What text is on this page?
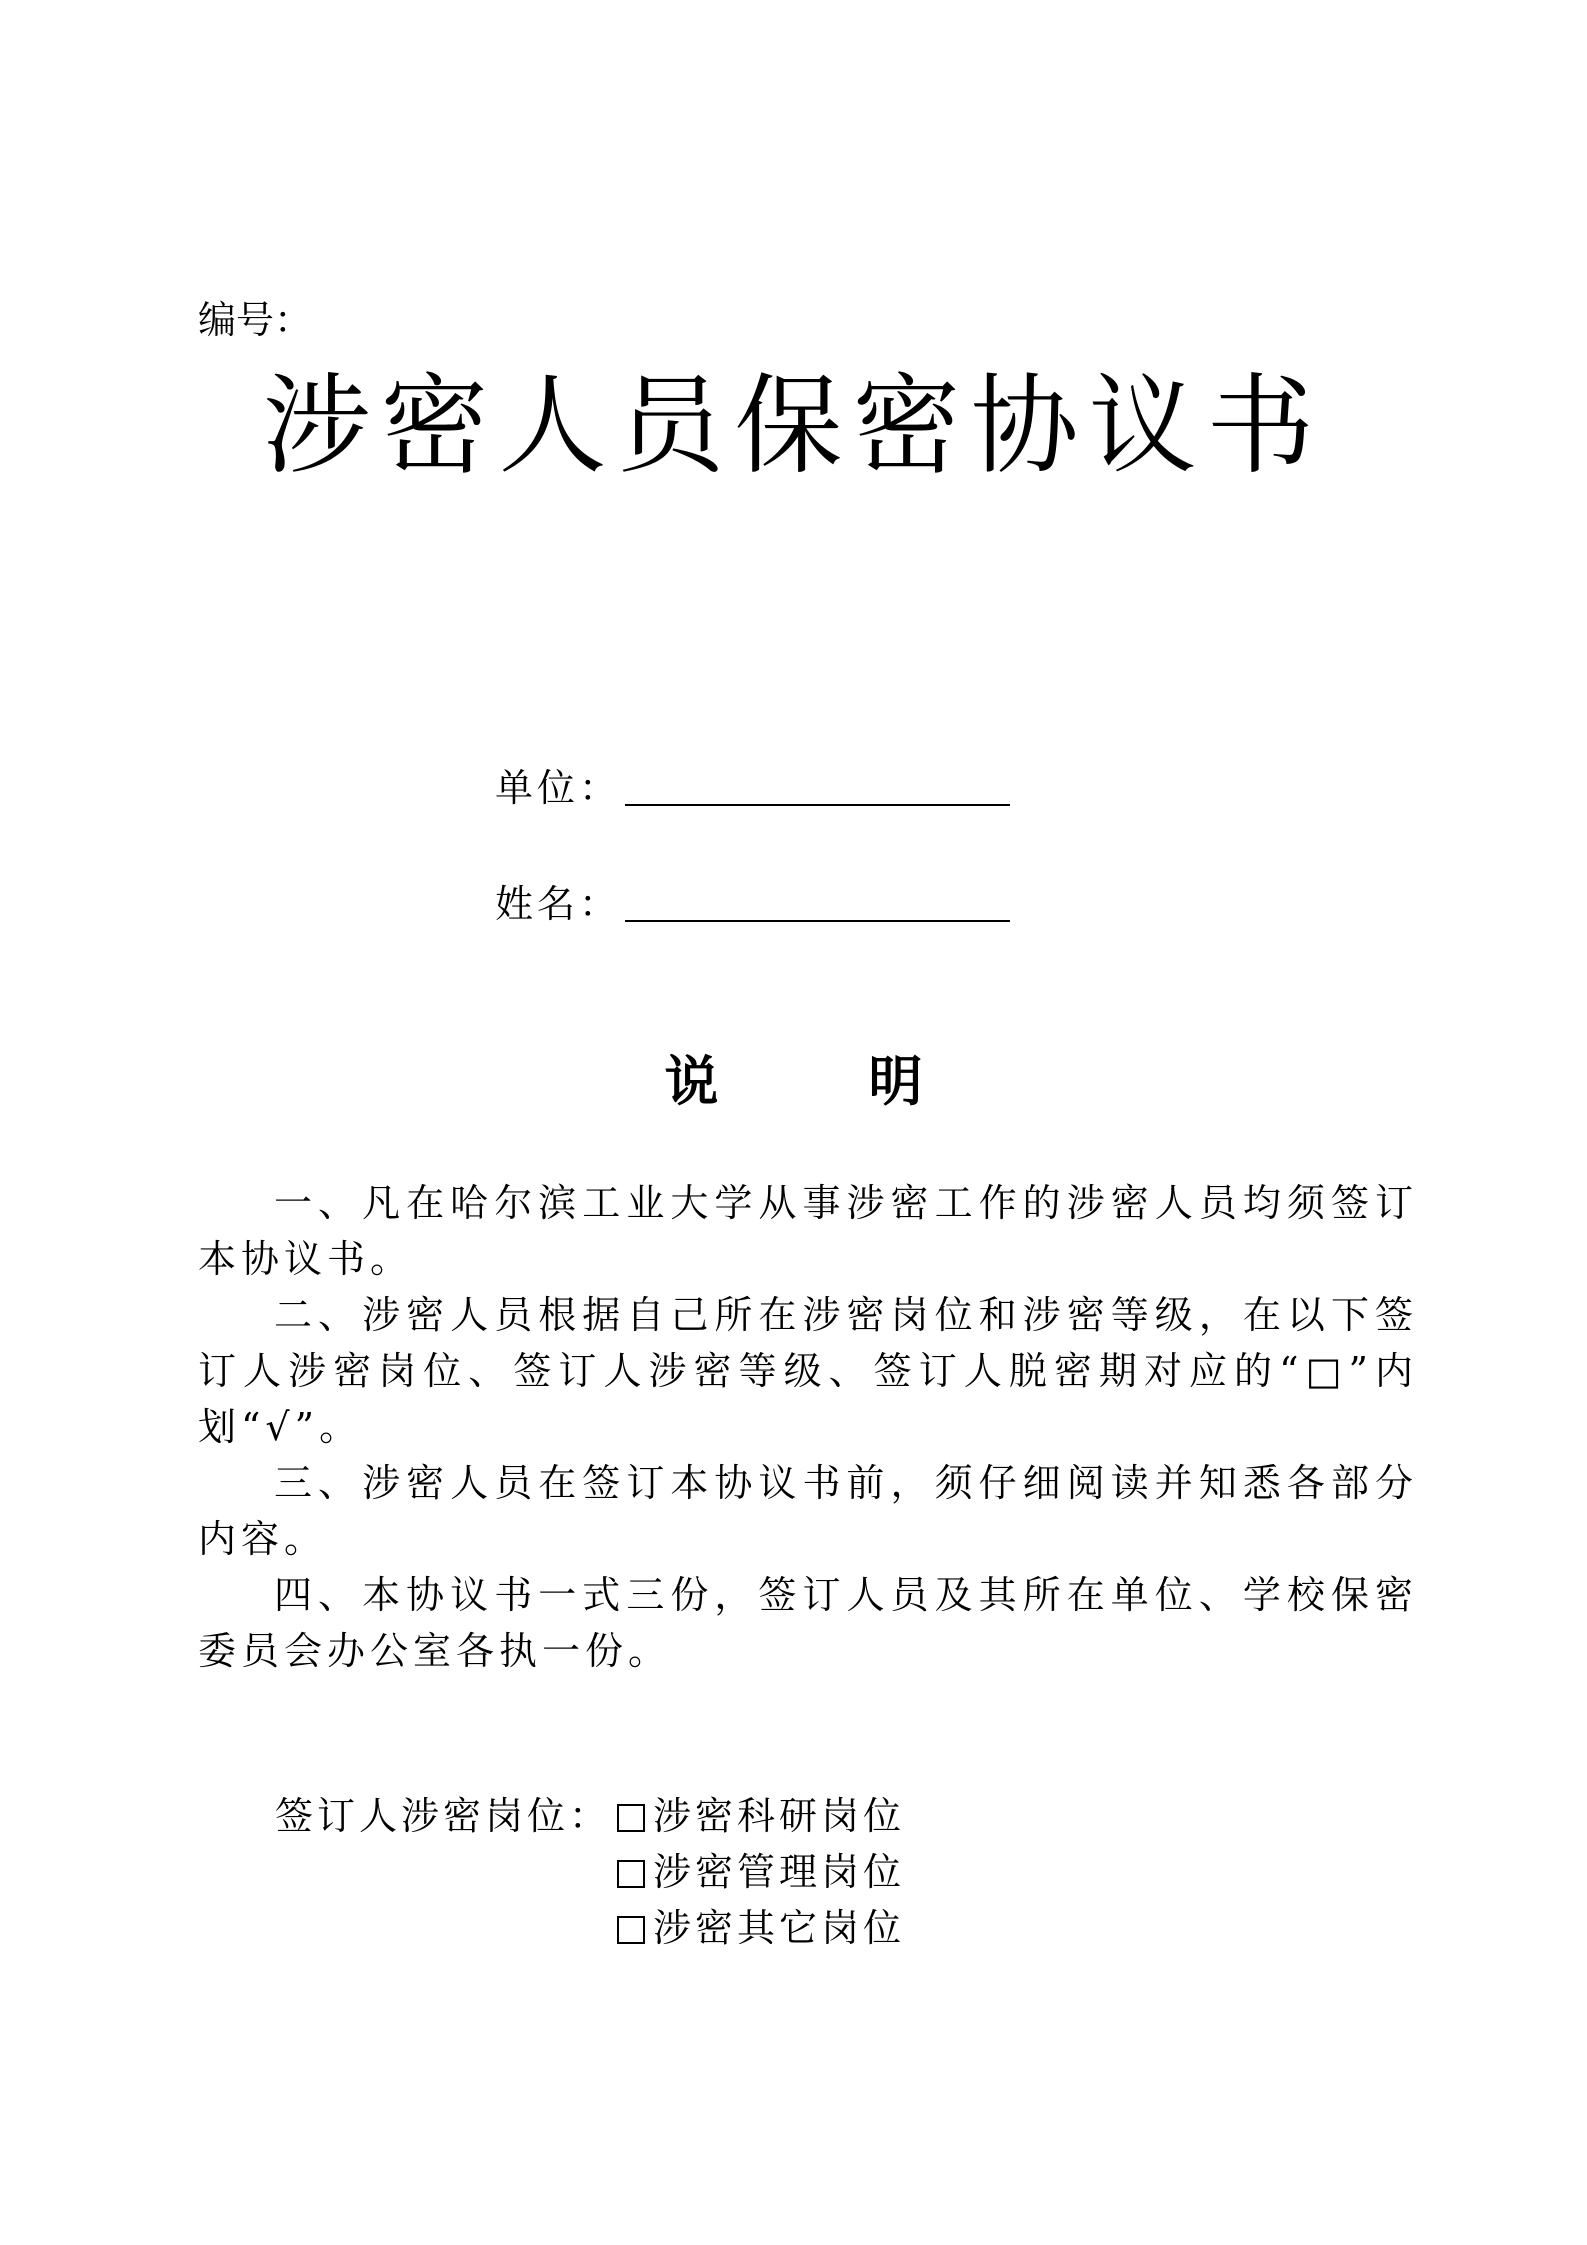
编号：
涉密人员保密协议书
单位：
姓名：
说明

一、凡在哈尔滨工业大学从事涉密工作的涉密人员均须签订本协议书。

二、涉密人员根据自己所在涉密岗位和涉密等级，在以下签订人涉密岗位、签订人涉密等级、签订人脱密期对应的“□”内划“√”。

三、涉密人员在签订本协议书前，须仔细阅读并知悉各部分内容。

四、本协议书一式三份，签订人员及其所在单位、学校保密委员会办公室各执一份。

签订人涉密岗位： 涉密科研岗位
涉密管理岗位
涉密其它岗位
